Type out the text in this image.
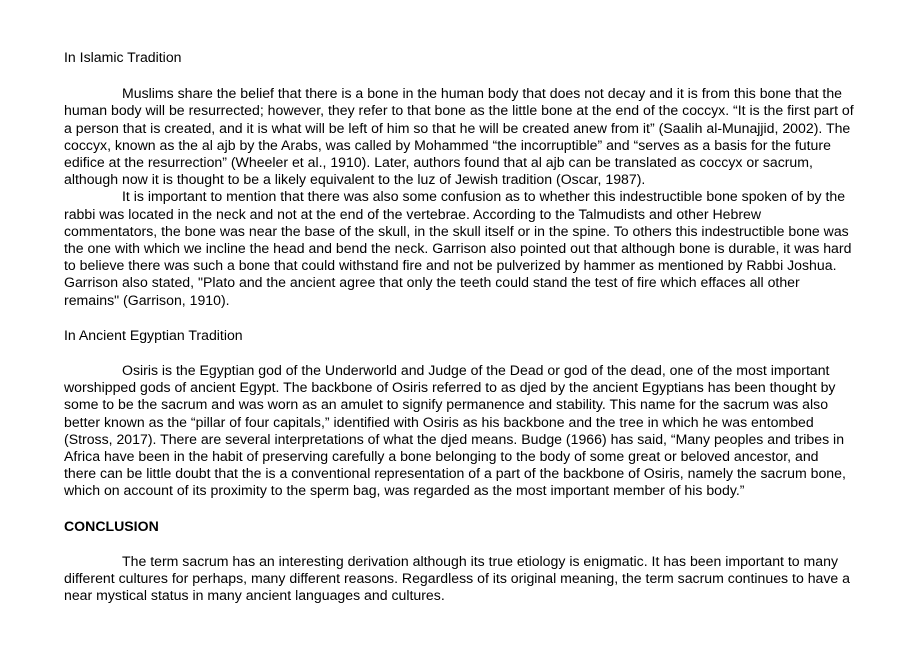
In Islamic Tradition

Muslims share the belief that there is a bone in the human body that does not decay and it is from this bone that the human body will be resurrected; however, they refer to that bone as the little bone at the end of the coccyx. “It is the first part of a person that is created, and it is what will be left of him so that he will be created anew from it” (Saalih al-Munajjid, 2002). The coccyx, known as the al ajb by the Arabs, was called by Mohammed “the incorruptible” and “serves as a basis for the future edifice at the resurrection” (Wheeler et al., 1910). Later, authors found that al ajb can be translated as coccyx or sacrum, although now it is thought to be a likely equivalent to the luz of Jewish tradition (Oscar, 1987).

It is important to mention that there was also some confusion as to whether this indestructible bone spoken of by the rabbi was located in the neck and not at the end of the vertebrae. According to the Talmudists and other Hebrew commentators, the bone was near the base of the skull, in the skull itself or in the spine. To others this indestructible bone was the one with which we incline the head and bend the neck. Garrison also pointed out that although bone is durable, it was hard to believe there was such a bone that could withstand fire and not be pulverized by hammer as mentioned by Rabbi Joshua. Garrison also stated, "Plato and the ancient agree that only the teeth could stand the test of fire which effaces all other remains" (Garrison, 1910).

In Ancient Egyptian Tradition

Osiris is the Egyptian god of the Underworld and Judge of the Dead or god of the dead, one of the most important worshipped gods of ancient Egypt. The backbone of Osiris referred to as djed by the ancient Egyptians has been thought by some to be the sacrum and was worn as an amulet to signify permanence and stability. This name for the sacrum was also better known as the “pillar of four capitals,” identified with Osiris as his backbone and the tree in which he was entombed (Stross, 2017). There are several interpretations of what the djed means. Budge (1966) has said, “Many peoples and tribes in Africa have been in the habit of preserving carefully a bone belonging to the body of some great or beloved ancestor, and there can be little doubt that the is a conventional representation of a part of the backbone of Osiris, namely the sacrum bone, which on account of its proximity to the sperm bag, was regarded as the most important member of his body.”

CONCLUSION

The term sacrum has an interesting derivation although its true etiology is enigmatic. It has been important to many different cultures for perhaps, many different reasons. Regardless of its original meaning, the term sacrum continues to have a near mystical status in many ancient languages and cultures.
